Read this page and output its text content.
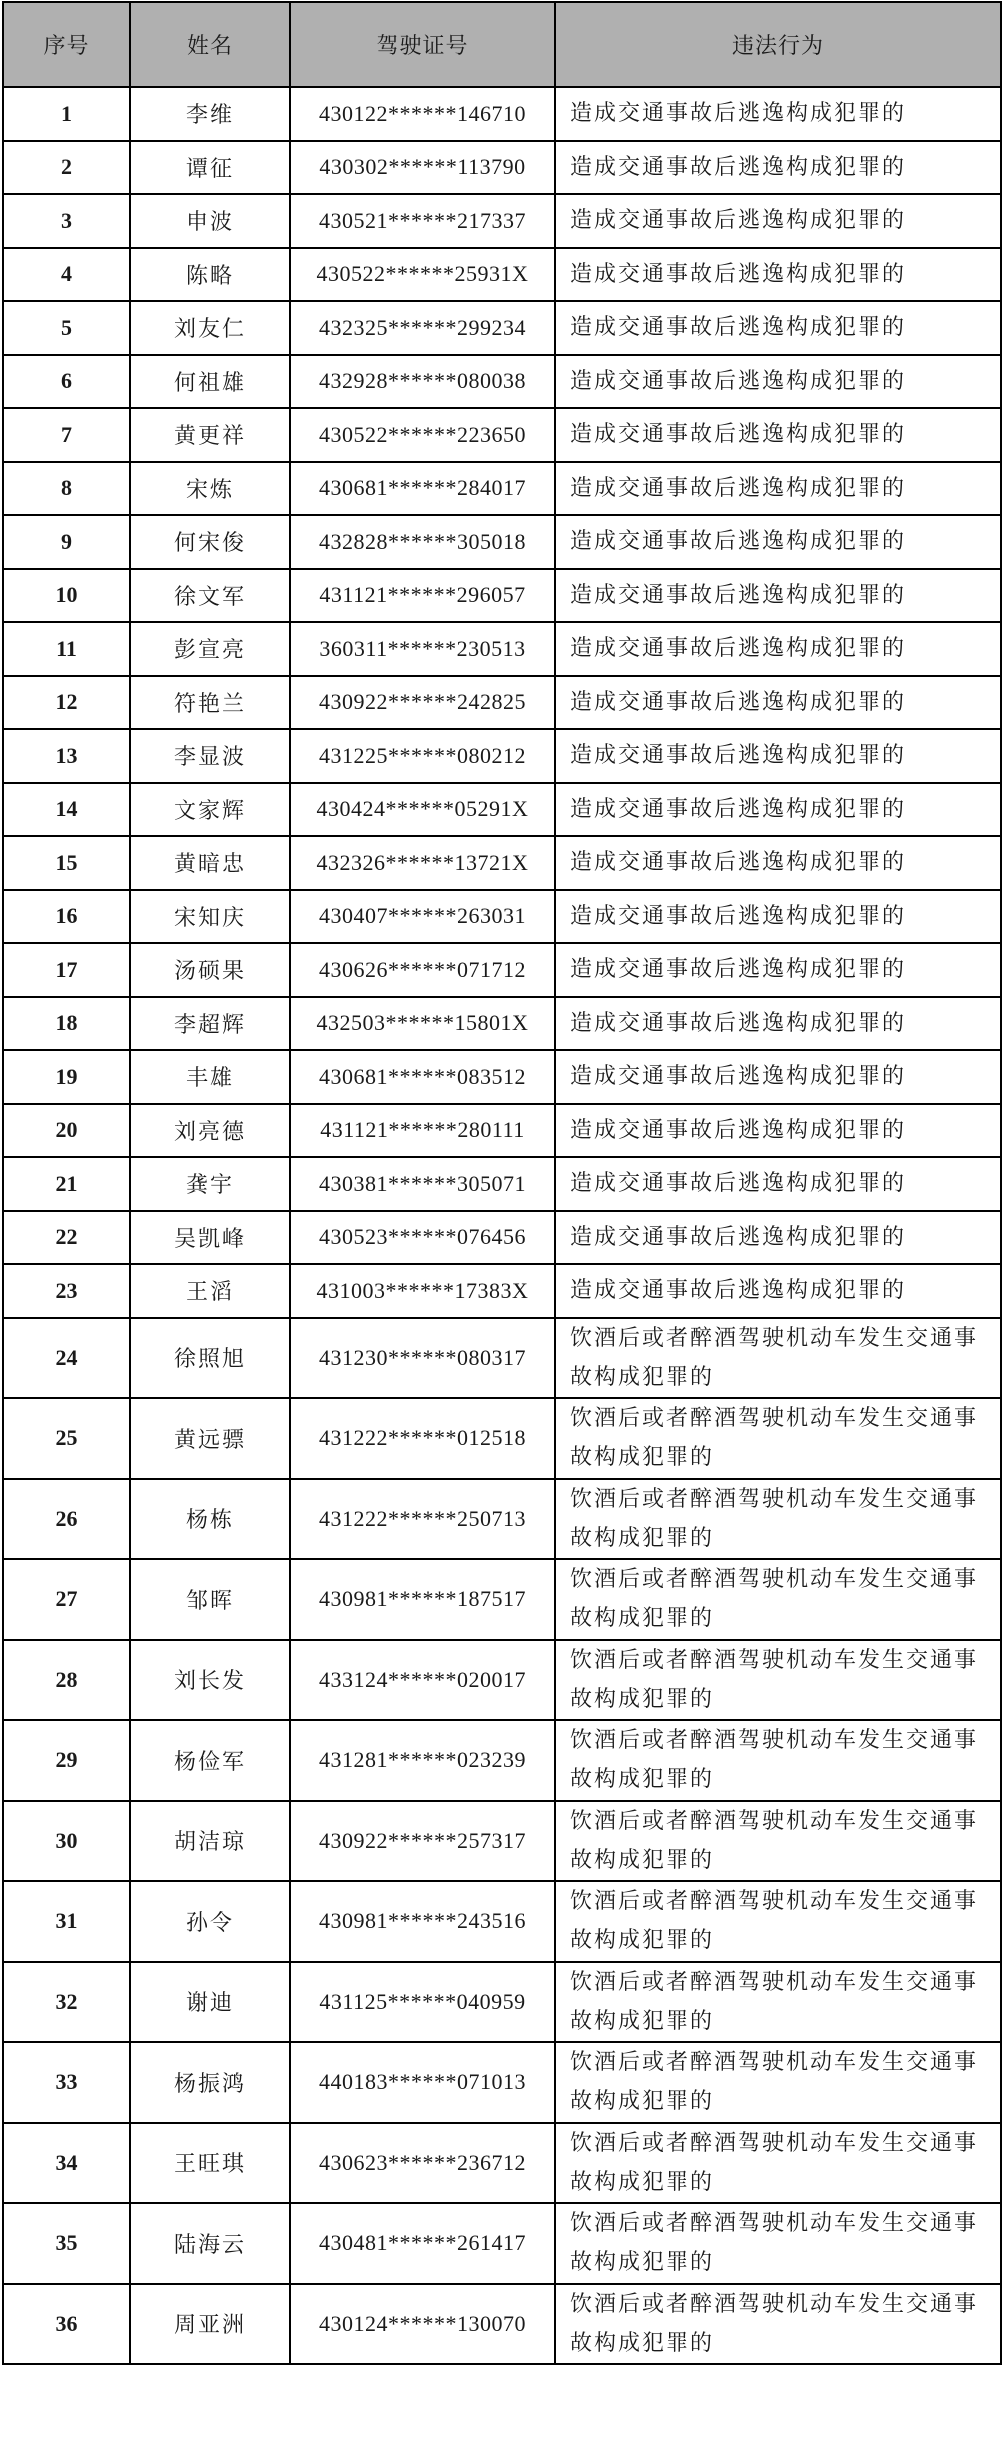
序号	姓名	驾驶证号	违法行为
1	李维	430122******146710	造成交通事故后逃逸构成犯罪的
2	谭征	430302******113790	造成交通事故后逃逸构成犯罪的
3	申波	430521******217337	造成交通事故后逃逸构成犯罪的
4	陈略	430522******25931X	造成交通事故后逃逸构成犯罪的
5	刘友仁	432325******299234	造成交通事故后逃逸构成犯罪的
6	何祖雄	432928******080038	造成交通事故后逃逸构成犯罪的
7	黄更祥	430522******223650	造成交通事故后逃逸构成犯罪的
8	宋炼	430681******284017	造成交通事故后逃逸构成犯罪的
9	何宋俊	432828******305018	造成交通事故后逃逸构成犯罪的
10	徐文军	431121******296057	造成交通事故后逃逸构成犯罪的
11	彭宣亮	360311******230513	造成交通事故后逃逸构成犯罪的
12	符艳兰	430922******242825	造成交通事故后逃逸构成犯罪的
13	李显波	431225******080212	造成交通事故后逃逸构成犯罪的
14	文家辉	430424******05291X	造成交通事故后逃逸构成犯罪的
15	黄暗忠	432326******13721X	造成交通事故后逃逸构成犯罪的
16	宋知庆	430407******263031	造成交通事故后逃逸构成犯罪的
17	汤硕果	430626******071712	造成交通事故后逃逸构成犯罪的
18	李超辉	432503******15801X	造成交通事故后逃逸构成犯罪的
19	丰雄	430681******083512	造成交通事故后逃逸构成犯罪的
20	刘亮德	431121******280111	造成交通事故后逃逸构成犯罪的
21	龚宇	430381******305071	造成交通事故后逃逸构成犯罪的
22	吴凯峰	430523******076456	造成交通事故后逃逸构成犯罪的
23	王滔	431003******17383X	造成交通事故后逃逸构成犯罪的
24	徐照旭	431230******080317	饮酒后或者醉酒驾驶机动车发生交通事故构成犯罪的
25	黄远骠	431222******012518	饮酒后或者醉酒驾驶机动车发生交通事故构成犯罪的
26	杨栋	431222******250713	饮酒后或者醉酒驾驶机动车发生交通事故构成犯罪的
27	邹晖	430981******187517	饮酒后或者醉酒驾驶机动车发生交通事故构成犯罪的
28	刘长发	433124******020017	饮酒后或者醉酒驾驶机动车发生交通事故构成犯罪的
29	杨俭军	431281******023239	饮酒后或者醉酒驾驶机动车发生交通事故构成犯罪的
30	胡洁琼	430922******257317	饮酒后或者醉酒驾驶机动车发生交通事故构成犯罪的
31	孙令	430981******243516	饮酒后或者醉酒驾驶机动车发生交通事故构成犯罪的
32	谢迪	431125******040959	饮酒后或者醉酒驾驶机动车发生交通事故构成犯罪的
33	杨振鸿	440183******071013	饮酒后或者醉酒驾驶机动车发生交通事故构成犯罪的
34	王旺琪	430623******236712	饮酒后或者醉酒驾驶机动车发生交通事故构成犯罪的
35	陆海云	430481******261417	饮酒后或者醉酒驾驶机动车发生交通事故构成犯罪的
36	周亚洲	430124******130070	饮酒后或者醉酒驾驶机动车发生交通事故构成犯罪的
